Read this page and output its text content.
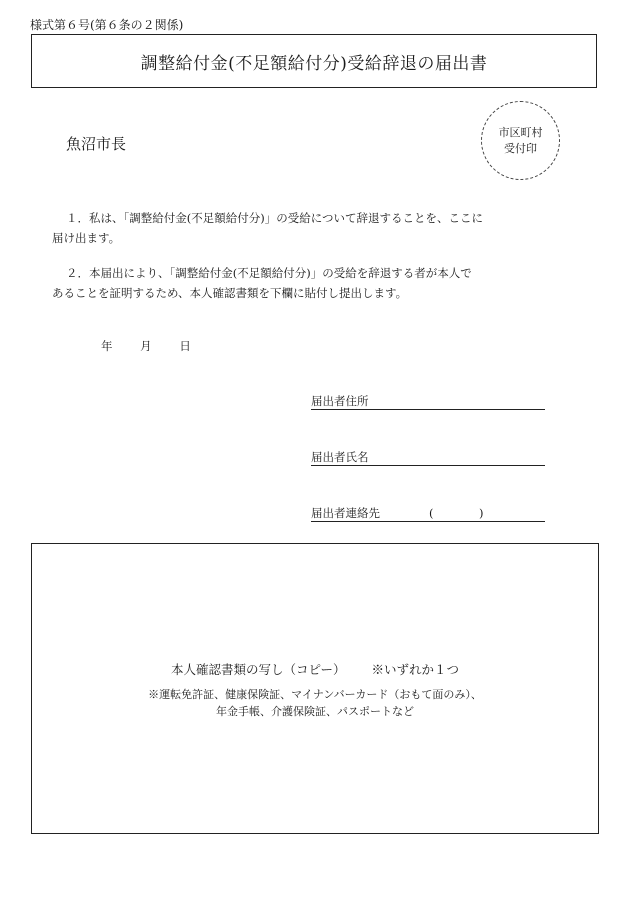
様式第６号(第６条の２関係)
調整給付金(不足額給付分)受給辞退の届出書
魚沼市長
市区町村
受付印
１．私は、「調整給付金(不足額給付分)」の受給について辞退することを、ここに
届け出ます。
２．本届出により、「調整給付金(不足額給付分)」の受給を辞退する者が本人で
あることを証明するため、本人確認書類を下欄に貼付し提出します。
年 月 日
届出者住所
届出者氏名
届出者連絡先	(	)
本人確認書類の写し（コピー） ※いずれか１つ
※運転免許証、健康保険証、マイナンバーカード（おもて面のみ）、
年金手帳、介護保険証、パスポートなど
